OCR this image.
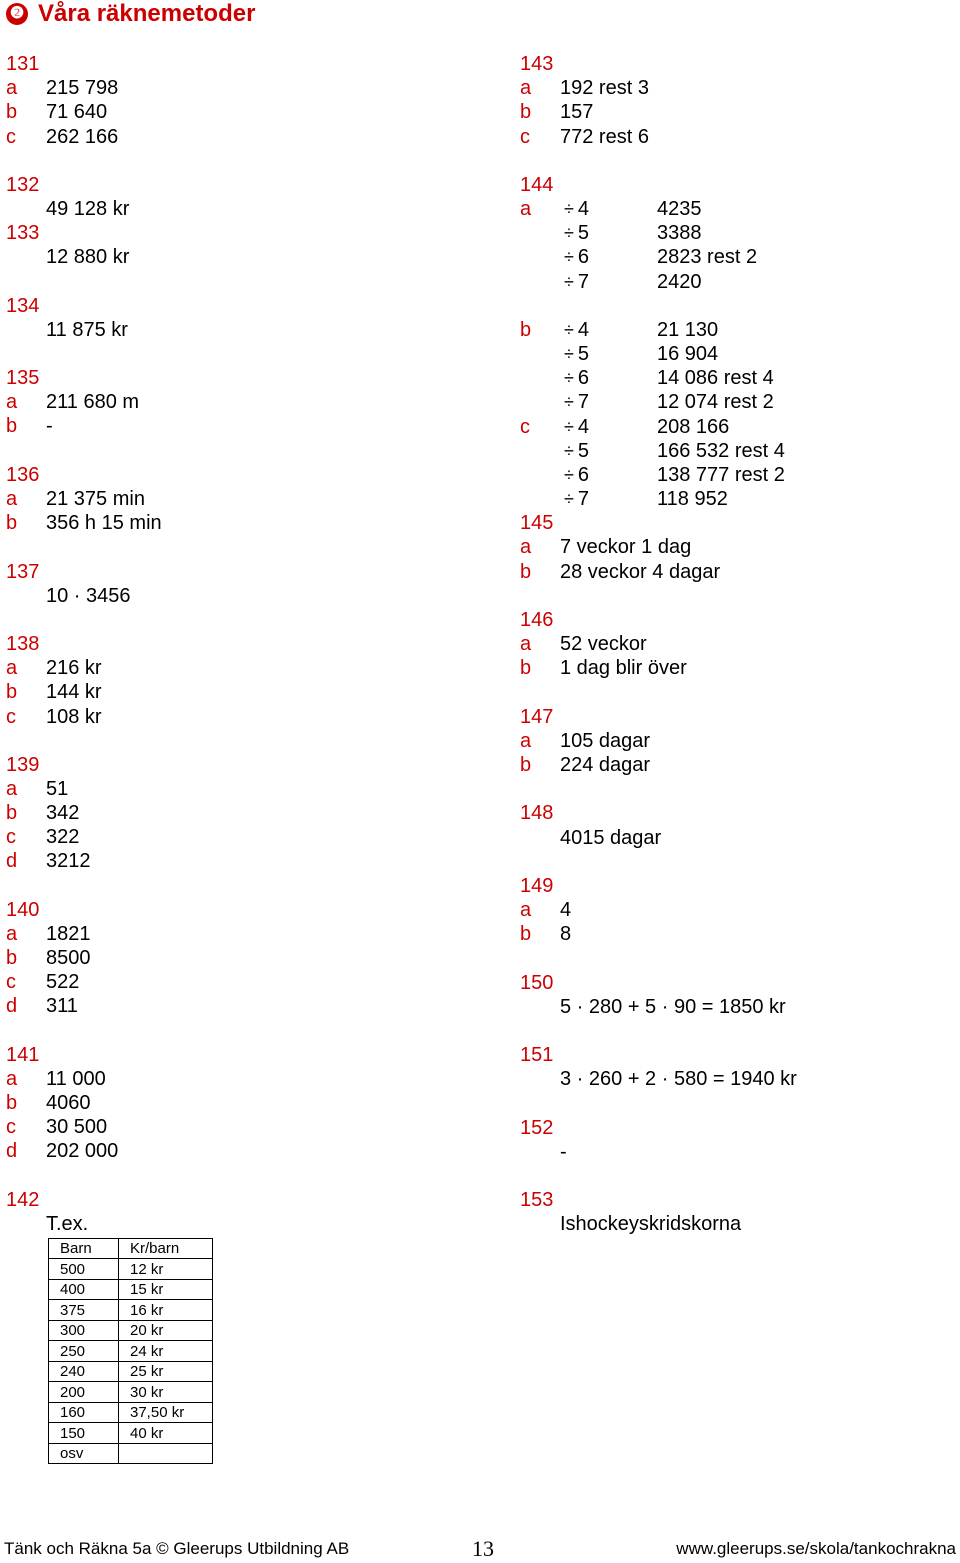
❷ Våra räknemetoder
131
a 215 798
b 71 640
c 262 166
132
49 128 kr
133
12 880 kr
134
11 875 kr
135
a 211 680 m
b -
136
a 21 375 min
b 356 h 15 min
137
10 · 3456
138
a 216 kr
b 144 kr
c 108 kr
139
a 51
b 342
c 322
d 3212
140
a 1821
b 8500
c 522
d 311
141
a 11 000
b 4060
c 30 500
d 202 000
142
T.ex.
Barn	Kr/barn
500	12 kr
400	15 kr
375	16 kr
300	20 kr
250	24 kr
240	25 kr
200	30 kr
160	37,50 kr
150	40 kr
osv	
143
a 192 rest 3
b 157
c 772 rest 6
144
a ÷ 4	4235
÷ 5	3388
÷ 6	2823 rest 2
÷ 7	2420
b ÷ 4	21 130
÷ 5	16 904
÷ 6	14 086 rest 4
÷ 7	12 074 rest 2
c ÷ 4	208 166
÷ 5	166 532 rest 4
÷ 6	138 777 rest 2
÷ 7	118 952
145
a 7 veckor 1 dag
b 28 veckor 4 dagar
146
a 52 veckor
b 1 dag blir över
147
a 105 dagar
b 224 dagar
148
4015 dagar
149
a 4
b 8
150
5 · 280 + 5 · 90 = 1850 kr
151
3 · 260 + 2 · 580 = 1940 kr
152
-
153
Ishockeyskridskorna
Tänk och Räkna 5a © Gleerups Utbildning AB	13	www.gleerups.se/skola/tankochrakna
